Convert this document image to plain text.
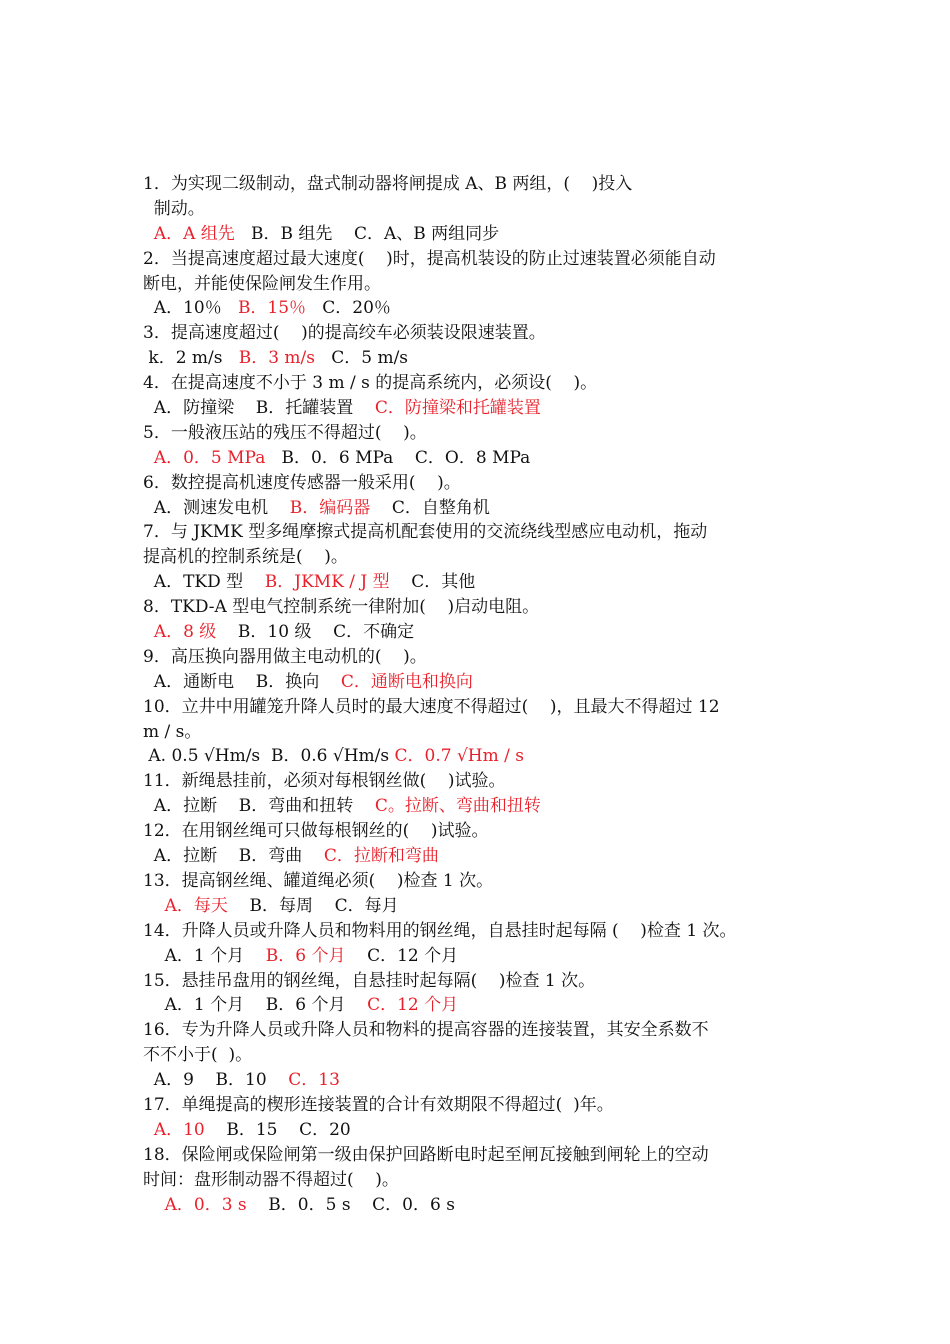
1．为实现二级制动，盘式制动器将闸提成 A、B 两组，(    )投入
制动。
A．A 组先   B．B 组先    C．A、B 两组同步
2．当提高速度超过最大速度(    )时，提高机装设的防止过速装置必须能自动
断电，并能使保险闸发生作用。
A．10％   B．15％   C．20％
3．提高速度超过(    )的提高绞车必须装设限速装置。
k．2 m/s   B．3 m/s   C．5 m/s
4．在提高速度不小于 3 m / s 的提高系统内，必须设(    )。
A．防撞梁    B．托罐装置    C．防撞梁和托罐装置
5．一般液压站的残压不得超过(    )。
A．0．5 MPa   B．0．6 MPa    C．O．8 MPa
6．数控提高机速度传感器一般采用(    )。
A．测速发电机    B．编码器    C．自整角机
7．与 JKMK 型多绳摩擦式提高机配套使用的交流绕线型感应电动机，拖动
提高机的控制系统是(    )。
A．TKD 型    B．JKMK / J 型    C．其他
8．TKD-A 型电气控制系统一律附加(    )启动电阻。
A．8 级    B．10 级    C．不确定
9．高压换向器用做主电动机的(    )。
A．通断电    B．换向    C．通断电和换向
10．立井中用罐笼升降人员时的最大速度不得超过(    )，且最大不得超过 12
m / s。
A. 0.5 √Hm/s  B．0.6 √Hm/s C．0.7 √Hm / s
11．新绳悬挂前，必须对每根钢丝做(    )试验。
A．拉断    B．弯曲和扭转    C。拉断、弯曲和扭转
12．在用钢丝绳可只做每根钢丝的(    )试验。
A．拉断    B．弯曲    C．拉断和弯曲
13．提高钢丝绳、罐道绳必须(    )检查 1 次。
A．每天    B．每周    C．每月
14．升降人员或升降人员和物料用的钢丝绳，自悬挂时起每隔 (    )检查 1 次。
A．1 个月    B．6 个月    C．12 个月
15．悬挂吊盘用的钢丝绳，自悬挂时起每隔(    )检查 1 次。
A．1 个月    B．6 个月    C．12 个月
16．专为升降人员或升降人员和物料的提高容器的连接装置，其安全系数不
不不小于(  )。
A．9    B．10    C．13
17．单绳提高的楔形连接装置的合计有效期限不得超过(  )年。
A．10    B．15    C．20
18．保险闸或保险闸第一级由保护回路断电时起至闸瓦接触到闸轮上的空动
时间：盘形制动器不得超过(    )。
A．0．3 s    B．0．5 s    C．0．6 s
